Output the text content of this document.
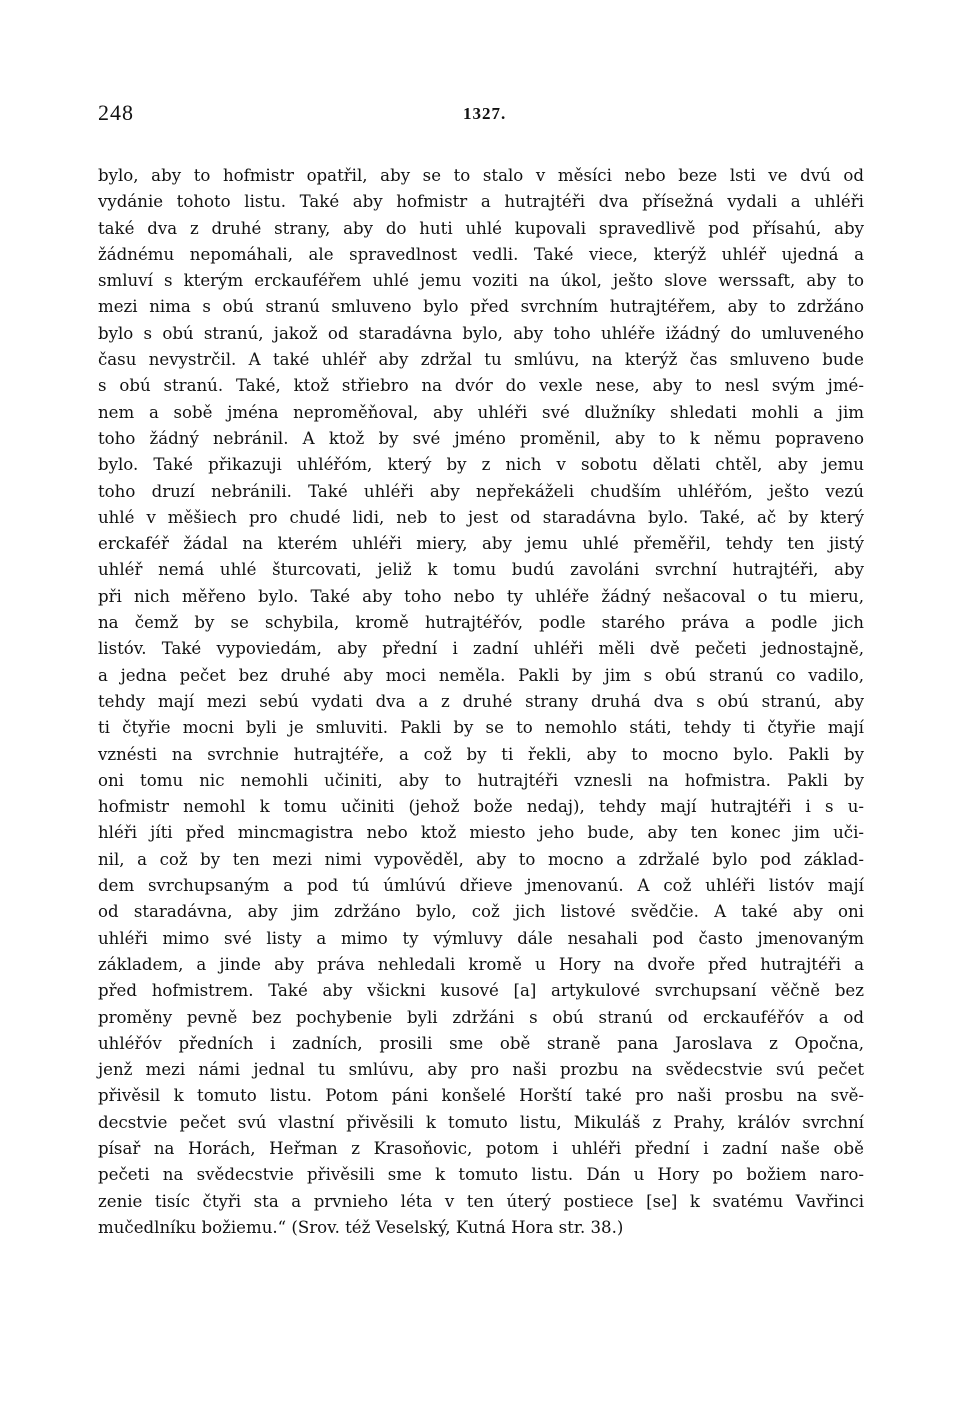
248	1327.
bylo, aby to hofmistr opatřil, aby se to stalo v měsíci nebo beze lsti ve dvú od
vydánie tohoto listu. Také aby hofmistr a hutrajtéři dva přísežná vydali a uhléři
také dva z druhé strany, aby do huti uhlé kupovali spravedlivě pod přísahú, aby
žádnému nepomáhali, ale spravedlnost vedli. Také viece, kterýž uhléř ujedná a
smluví s kterým erckauféřem uhlé jemu voziti na úkol, ješto slove werssaft, aby to
mezi nima s obú stranú smluveno bylo před svrchním hutrajtéřem, aby to zdržáno
bylo s obú stranú, jakož od staradávna bylo, aby toho uhléře ižádný do umluveného
času nevystrčil. A také uhléř aby zdržal tu smlúvu, na kterýž čas smluveno bude
s obú stranú. Také, ktož střiebro na dvór do vexle nese, aby to nesl svým jmé-
nem a sobě jména neproměňoval, aby uhléři své dlužníky shledati mohli a jim
toho žádný nebránil. A ktož by své jméno proměnil, aby to k němu popraveno
bylo. Také přikazuji uhléřóm, který by z nich v sobotu dělati chtěl, aby jemu
toho druzí nebránili. Také uhléři aby nepřekáželi chudším uhléřóm, ješto vezú
uhlé v měšiech pro chudé lidi, neb to jest od staradávna bylo. Také, ač by který
erckaféř žádal na kterém uhléři miery, aby jemu uhlé přeměřil, tehdy ten jistý
uhléř nemá uhlé šturcovati, jeliž k tomu budú zavoláni svrchní hutrajtéři, aby
při nich měřeno bylo. Také aby toho nebo ty uhléře žádný nešacoval o tu mieru,
na čemž by se schybila, kromě hutrajtéřóv, podle starého práva a podle jich
listóv. Také vypoviedám, aby přední i zadní uhléři měli dvě pečeti jednostajně,
a jedna pečet bez druhé aby moci neměla. Pakli by jim s obú stranú co vadilo,
tehdy mají mezi sebú vydati dva a z druhé strany druhá dva s obú stranú, aby
ti čtyřie mocni byli je smluviti. Pakli by se to nemohlo státi, tehdy ti čtyřie mají
vznésti na svrchnie hutrajtéře, a což by ti řekli, aby to mocno bylo. Pakli by
oni tomu nic nemohli učiniti, aby to hutrajtéři vznesli na hofmistra. Pakli by
hofmistr nemohl k tomu učiniti (jehož bože nedaj), tehdy mají hutrajtéři i s u-
hléři jíti před mincmagistra nebo ktož miesto jeho bude, aby ten konec jim uči-
nil, a což by ten mezi nimi vypověděl, aby to mocno a zdržalé bylo pod základ-
dem svrchupsaným a pod tú úmlúvú dřieve jmenovanú. A což uhléři listóv mají
od staradávna, aby jim zdržáno bylo, což jich listové svědčie. A také aby oni
uhléři mimo své listy a mimo ty výmluvy dále nesahali pod často jmenovaným
základem, a jinde aby práva nehledali kromě u Hory na dvoře před hutrajtéři a
před hofmistrem. Také aby všickni kusové [a] artykulové svrchupsaní věčně bez
proměny pevně bez pochybenie byli zdržáni s obú stranú od erckauféřóv a od
uhléřóv předních i zadních, prosili sme obě straně pana Jaroslava z Opočna,
jenž mezi námi jednal tu smlúvu, aby pro naši prozbu na svědecstvie svú pečet
přivěsil k tomuto listu. Potom páni konšelé Horští také pro naši prosbu na svě-
decstvie pečet svú vlastní přivěsili k tomuto listu, Mikuláš z Prahy, králóv svrchní
písař na Horách, Heřman z Krasoňovic, potom i uhléři přední i zadní naše obě
pečeti na svědecstvie přivěsili sme k tomuto listu. Dán u Hory po božiem naro-
zenie tisíc čtyři sta a prvnieho léta v ten úterý postiece [se] k svatému Vavřinci
mučedlníku božiemu.“ (Srov. též Veselský, Kutná Hora str. 38.)
